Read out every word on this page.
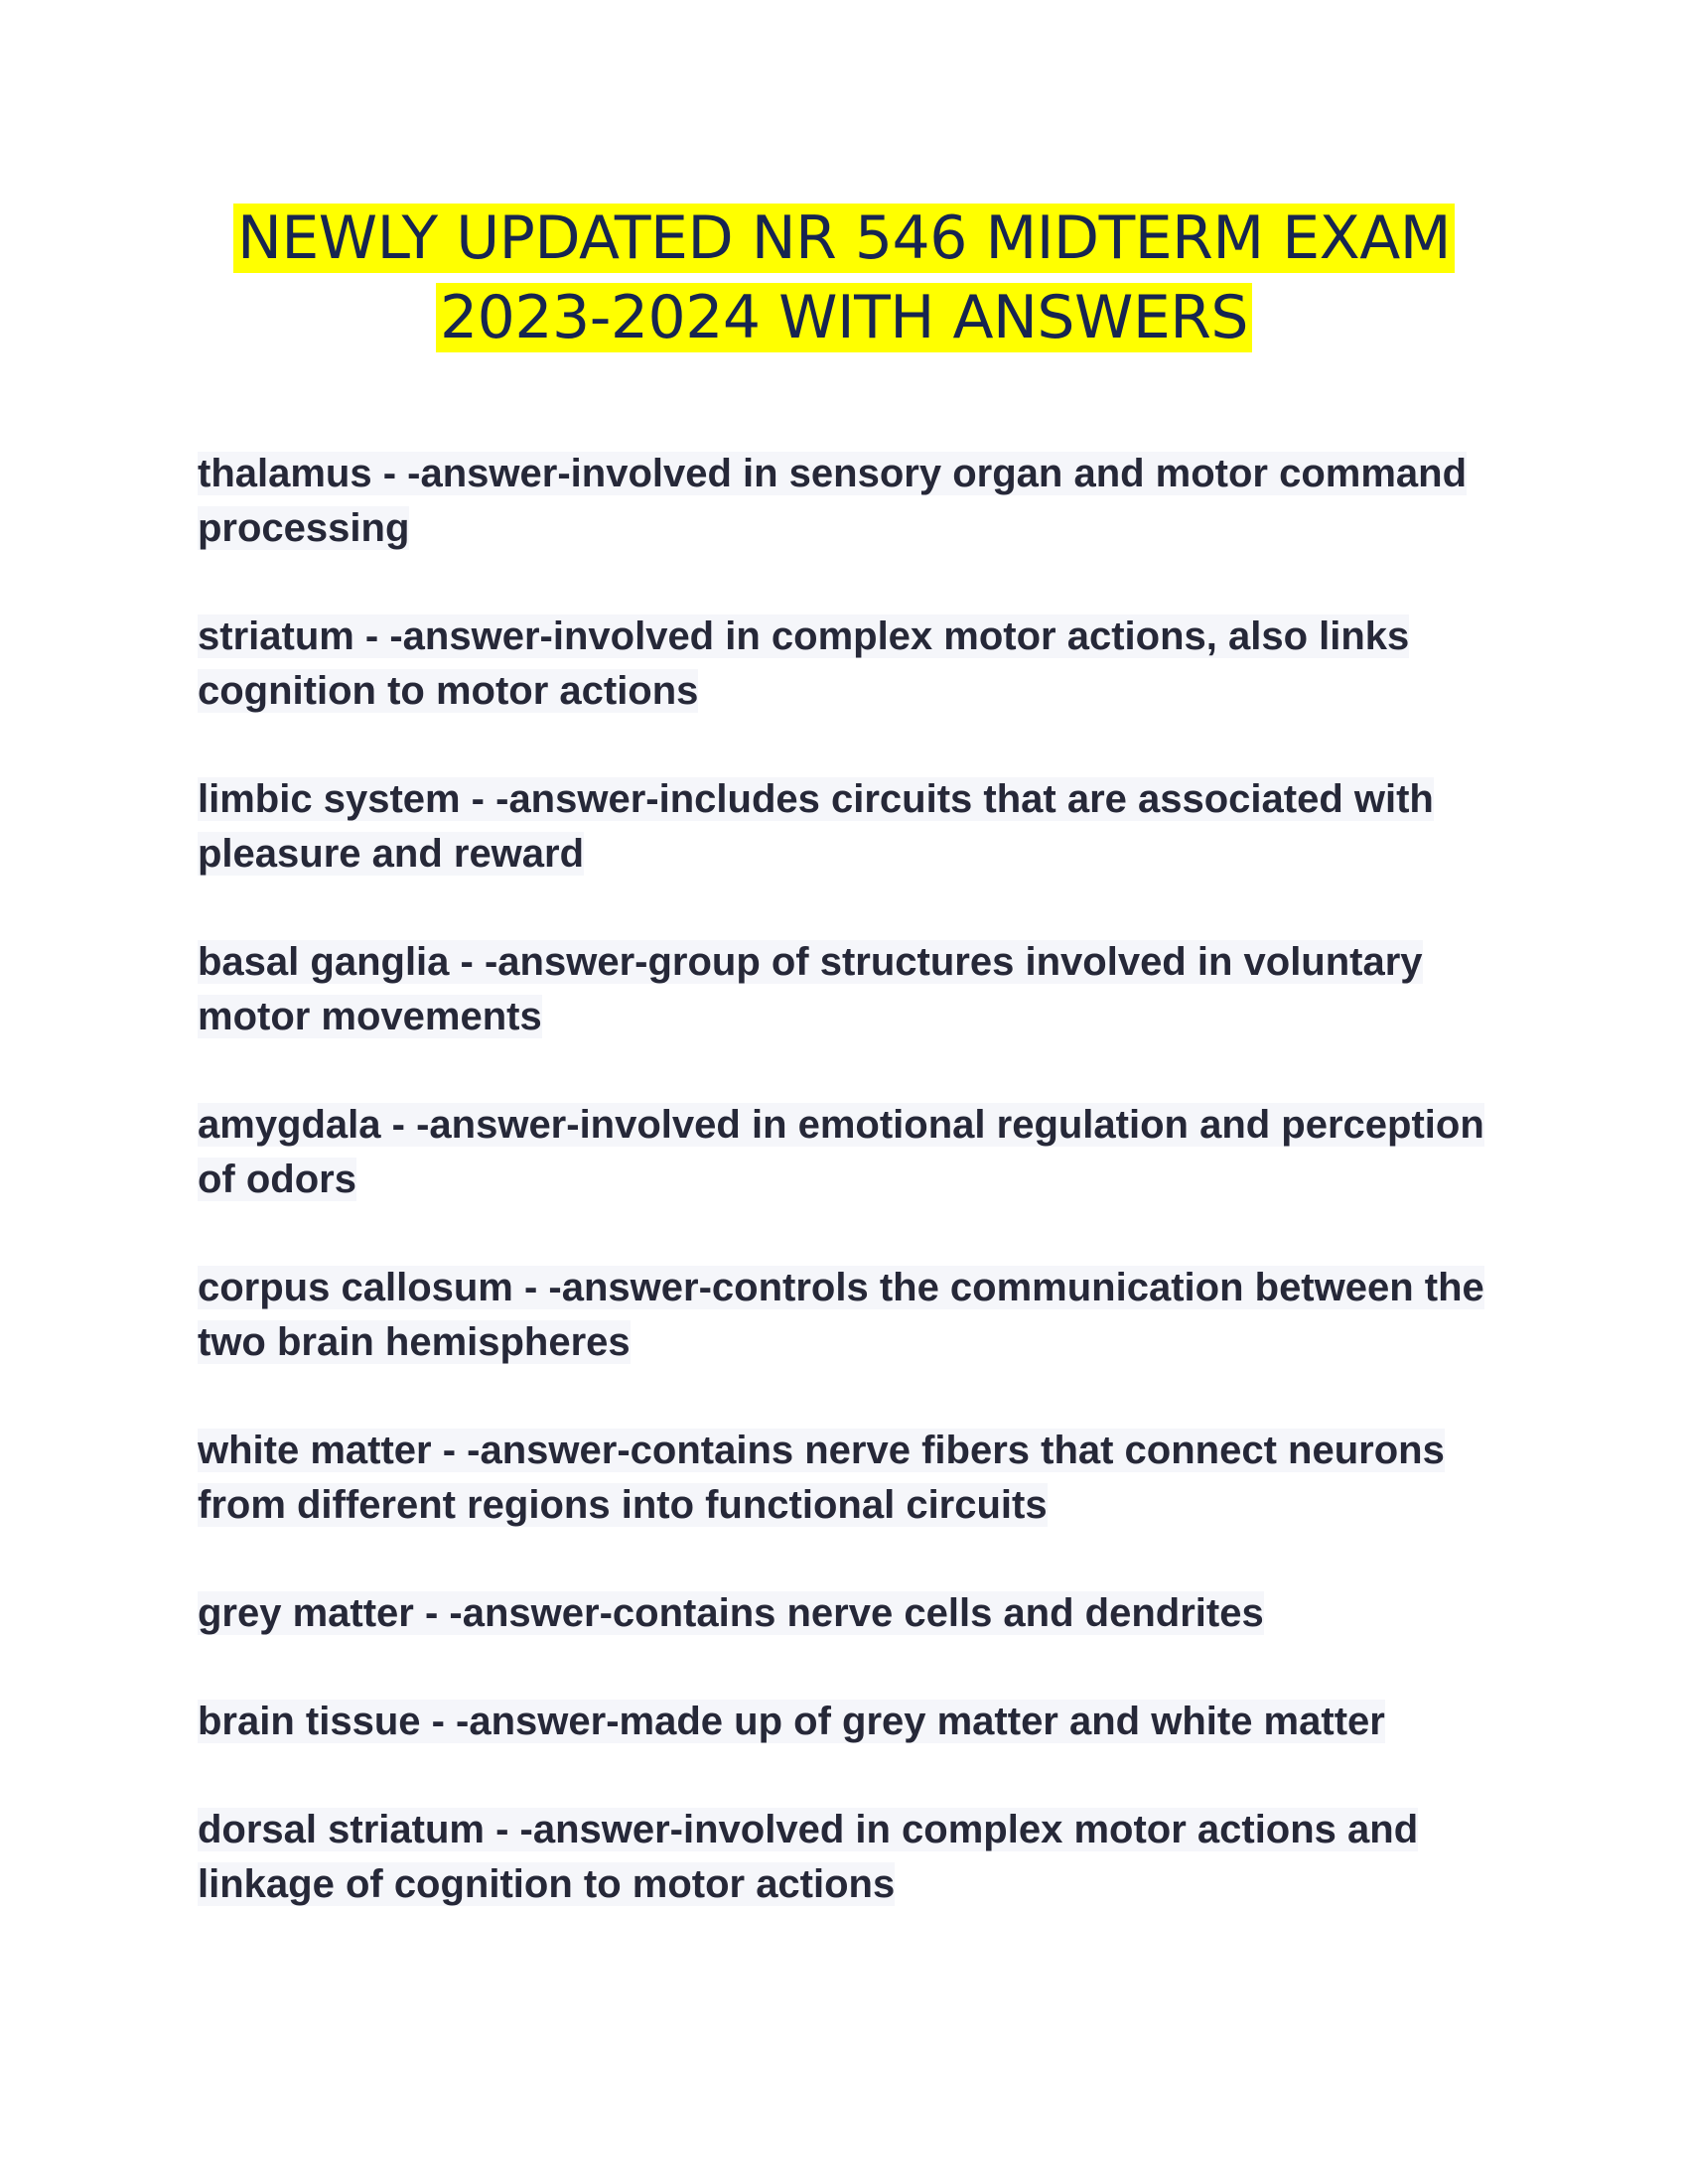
NEWLY UPDATED NR 546 MIDTERM EXAM
2023-2024 WITH ANSWERS
thalamus - -answer-involved in sensory organ and motor command processing
striatum - -answer-involved in complex motor actions, also links cognition to motor actions
limbic system - -answer-includes circuits that are associated with pleasure and reward
basal ganglia - -answer-group of structures involved in voluntary motor movements
amygdala - -answer-involved in emotional regulation and perception of odors
corpus callosum - -answer-controls the communication between the two brain hemispheres
white matter - -answer-contains nerve fibers that connect neurons from different regions into functional circuits
grey matter - -answer-contains nerve cells and dendrites
brain tissue - -answer-made up of grey matter and white matter
dorsal striatum - -answer-involved in complex motor actions and linkage of cognition to motor actions
